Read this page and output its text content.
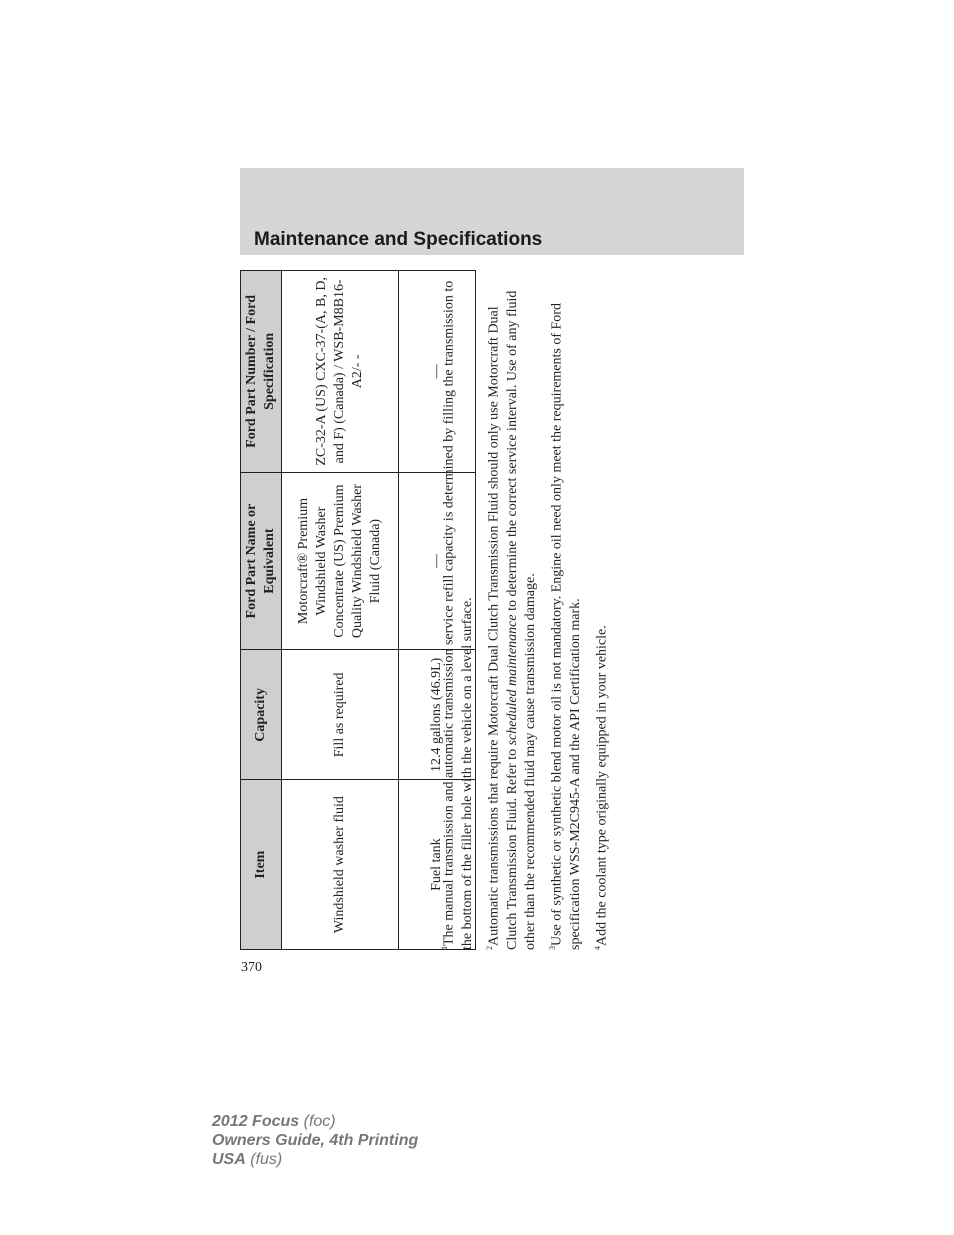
Maintenance and Specifications
Item	Capacity	Ford Part Name or Equivalent	Ford Part Number / Ford Specification
Windshield washer fluid	Fill as required	Motorcraft® Premium Windshield Washer Concentrate (US) Premium Quality Windshield Washer Fluid (Canada)	ZC-32-A (US) CXC-37-(A, B, D, and F) (Canada) / WSB-M8B16-A2/- -
Fuel tank	12.4 gallons (46.9L)	—	—

$^1$The manual transmission and automatic transmission service refill capacity is determined by filling the transmission to the bottom of the filler hole with the vehicle on a level surface.	$^2$Automatic transmissions that require Motorcraft Dual Clutch Transmission Fluid should only use Motorcraft Dual Clutch Transmission Fluid. Refer to scheduled maintenance to determine the correct service interval. Use of any fluid other than the recommended fluid may cause transmission damage.	$^3$Use of synthetic or synthetic blend motor oil is not mandatory. Engine oil need only meet the requirements of Ford specification WSS-M2C945-A and the API Certification mark.	$^4$Add the coolant type originally equipped in your vehicle.

370
2012 Focus (foc)
Owners Guide, 4th Printing
USA (fus)
